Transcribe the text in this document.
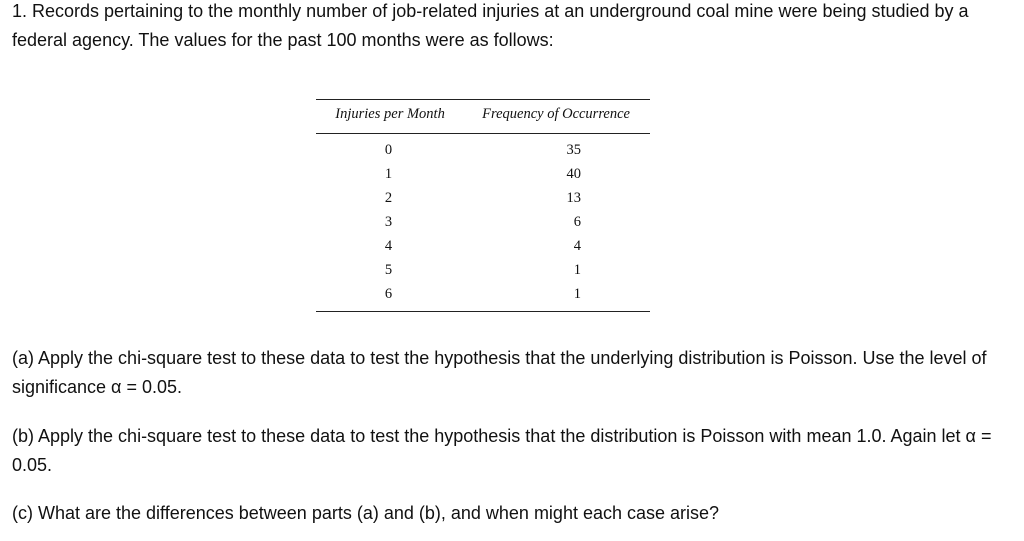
1. Records pertaining to the monthly number of job-related injuries at an underground coal mine were being studied by a federal agency. The values for the past 100 months were as follows:

Injuries per Month	Frequency of Occurrence
0	35
1	40
2	13
3	6
4	4
5	1
6	1

(a) Apply the chi-square test to these data to test the hypothesis that the underlying distribution is Poisson. Use the level of significance α = 0.05.

(b) Apply the chi-square test to these data to test the hypothesis that the distribution is Poisson with mean 1.0. Again let α = 0.05.

(c) What are the differences between parts (a) and (b), and when might each case arise?
